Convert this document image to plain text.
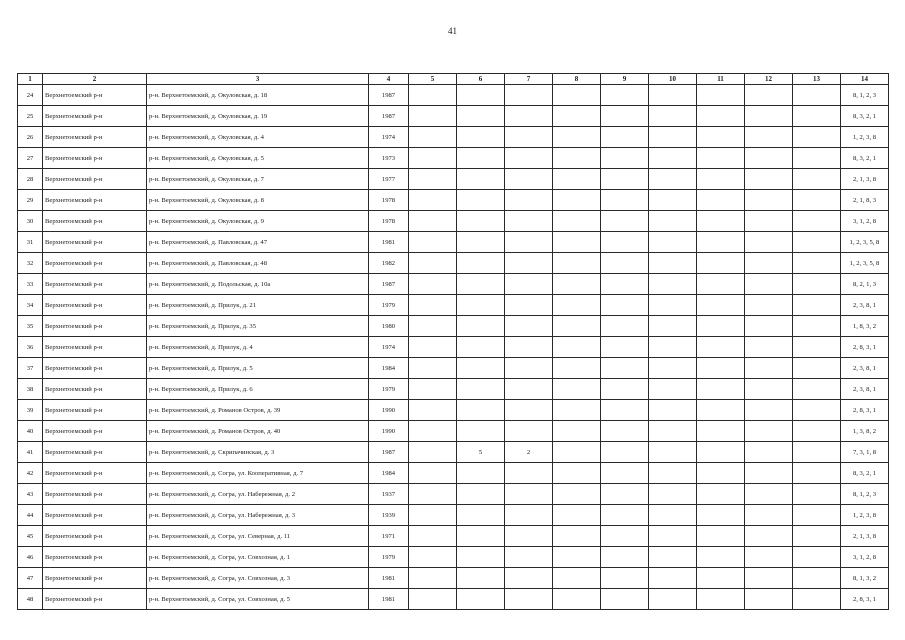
41
1	2	3	4	5	6	7	8	9	10	11	12	13	14
24	Верхнетоемский р-н	р-н. Верхнетоемский, д. Окуловская, д. 18	1987										8, 1, 2, 3
25	Верхнетоемский р-н	р-н. Верхнетоемский, д. Окуловская, д. 19	1987										8, 3, 2, 1
26	Верхнетоемский р-н	р-н. Верхнетоемский, д. Окуловская, д. 4	1974										1, 2, 3, 8
27	Верхнетоемский р-н	р-н. Верхнетоемский, д. Окуловская, д. 5	1973										8, 3, 2, 1
28	Верхнетоемский р-н	р-н. Верхнетоемский, д. Окуловская, д. 7	1977										2, 1, 3, 8
29	Верхнетоемский р-н	р-н. Верхнетоемский, д. Окуловская, д. 8	1978										2, 1, 8, 3
30	Верхнетоемский р-н	р-н. Верхнетоемский, д. Окуловская, д. 9	1978										3, 1, 2, 8
31	Верхнетоемский р-н	р-н. Верхнетоемский, д. Павловская, д. 47	1981										1, 2, 3, 5, 8
32	Верхнетоемский р-н	р-н. Верхнетоемский, д. Павловская, д. 48	1982										1, 2, 3, 5, 8
33	Верхнетоемский р-н	р-н. Верхнетоемский, д. Подольская, д. 10а	1987										8, 2, 1, 3
34	Верхнетоемский р-н	р-н. Верхнетоемский, д. Прилук, д. 21	1979										2, 3, 8, 1
35	Верхнетоемский р-н	р-н. Верхнетоемский, д. Прилук, д. 35	1980										1, 8, 3, 2
36	Верхнетоемский р-н	р-н. Верхнетоемский, д. Прилук, д. 4	1974										2, 8, 3, 1
37	Верхнетоемский р-н	р-н. Верхнетоемский, д. Прилук, д. 5	1984										2, 3, 8, 1
38	Верхнетоемский р-н	р-н. Верхнетоемский, д. Прилук, д. 6	1979										2, 3, 8, 1
39	Верхнетоемский р-н	р-н. Верхнетоемский, д. Романов Остров, д. 39	1990										2, 8, 3, 1
40	Верхнетоемский р-н	р-н. Верхнетоемский, д. Романов Остров, д. 40	1990										1, 3, 8, 2
41	Верхнетоемский р-н	р-н. Верхнетоемский, д. Скрипачинская, д. 3	1987		5	2							7, 3, 1, 8
42	Верхнетоемский р-н	р-н. Верхнетоемский, д. Согра, ул. Кооперативная, д. 7	1984										8, 3, 2, 1
43	Верхнетоемский р-н	р-н. Верхнетоемский, д. Согра, ул. Набережная, д. 2	1937										8, 1, 2, 3
44	Верхнетоемский р-н	р-н. Верхнетоемский, д. Согра, ул. Набережная, д. 3	1939										1, 2, 3, 8
45	Верхнетоемский р-н	р-н. Верхнетоемский, д. Согра, ул. Северная, д. 11	1971										2, 1, 3, 8
46	Верхнетоемский р-н	р-н. Верхнетоемский, д. Согра, ул. Совхозная, д. 1	1979										3, 1, 2, 8
47	Верхнетоемский р-н	р-н. Верхнетоемский, д. Согра, ул. Совхозная, д. 3	1981										8, 1, 3, 2
48	Верхнетоемский р-н	р-н. Верхнетоемский, д. Согра, ул. Совхозная, д. 5	1981										2, 8, 3, 1
